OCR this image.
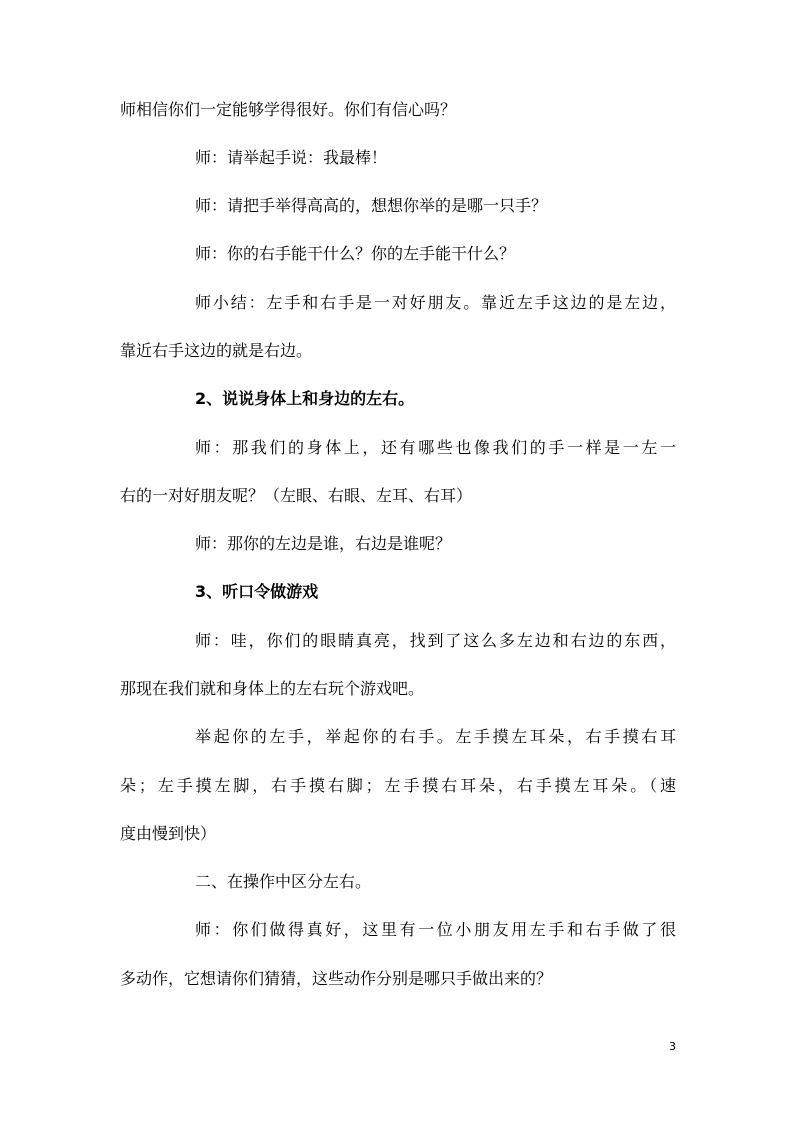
师相信你们一定能够学得很好。你们有信心吗？
师：请举起手说：我最棒！
师：请把手举得高高的，想想你举的是哪一只手？
师：你的右手能干什么？你的左手能干什么？
师小结：左手和右手是一对好朋友。靠近左手这边的是左边，
靠近右手这边的就是右边。
2、说说身体上和身边的左右。
师：那我们的身体上，还有哪些也像我们的手一样是一左一
右的一对好朋友呢？（左眼、右眼、左耳、右耳）
师：那你的左边是谁，右边是谁呢？
3、听口令做游戏
师：哇，你们的眼睛真亮，找到了这么多左边和右边的东西，
那现在我们就和身体上的左右玩个游戏吧。
举起你的左手，举起你的右手。左手摸左耳朵，右手摸右耳
朵；左手摸左脚，右手摸右脚；左手摸右耳朵，右手摸左耳朵。（速
度由慢到快）
二、在操作中区分左右。
师：你们做得真好，这里有一位小朋友用左手和右手做了很
多动作，它想请你们猜猜，这些动作分别是哪只手做出来的？
3
